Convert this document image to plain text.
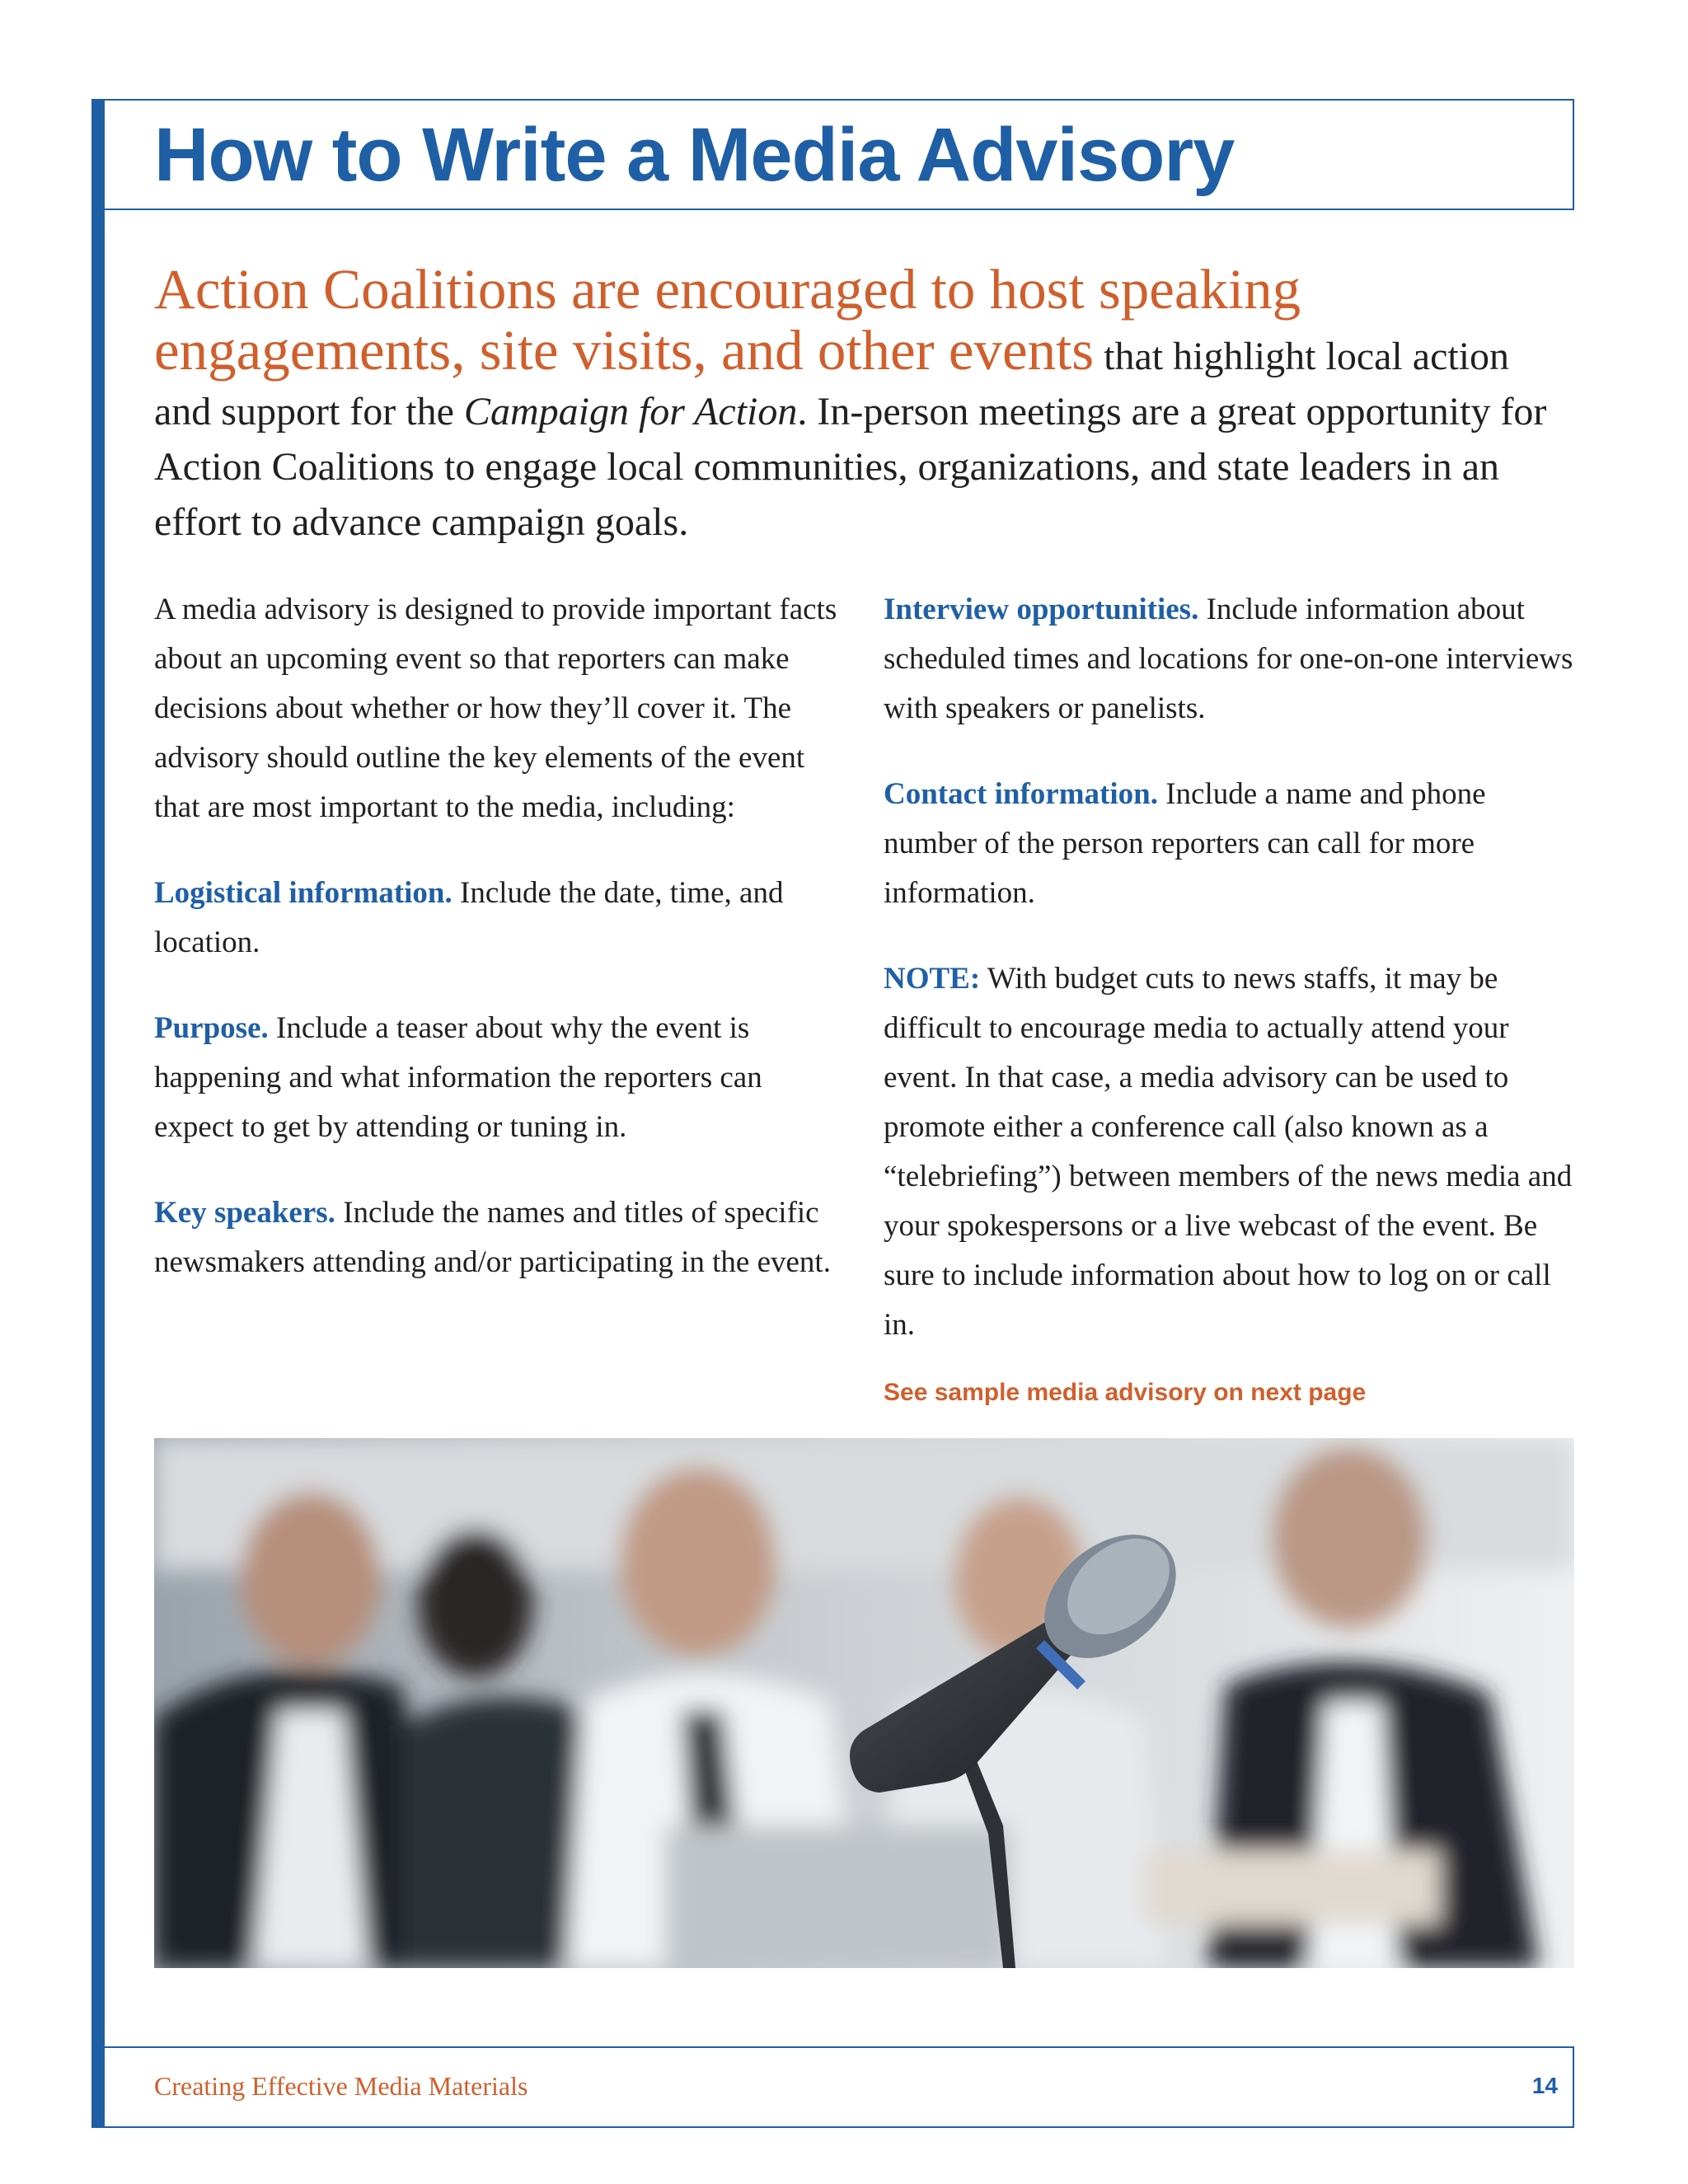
How to Write a Media Advisory

Action Coalitions are encouraged to host speaking engagements, site visits, and other events that highlight local action and support for the Campaign for Action. In-person meetings are a great opportunity for Action Coalitions to engage local communities, organizations, and state leaders in an effort to advance campaign goals.

A media advisory is designed to provide important facts about an upcoming event so that reporters can make decisions about whether or how they’ll cover it. The advisory should outline the key elements of the event that are most important to the media, including:

Logistical information. Include the date, time, and location.

Purpose. Include a teaser about why the event is happening and what information the reporters can expect to get by attending or tuning in.

Key speakers. Include the names and titles of specific newsmakers attending and/or participating in the event.

Interview opportunities. Include information about scheduled times and locations for one-on-one interviews with speakers or panelists.

Contact information. Include a name and phone number of the person reporters can call for more information.

NOTE: With budget cuts to news staffs, it may be difficult to encourage media to actually attend your event. In that case, a media advisory can be used to promote either a conference call (also known as a “telebriefing”) between members of the news media and your spokespersons or a live webcast of the event. Be sure to include information about how to log on or call in.

See sample media advisory on next page

Creating Effective Media Materials	14
